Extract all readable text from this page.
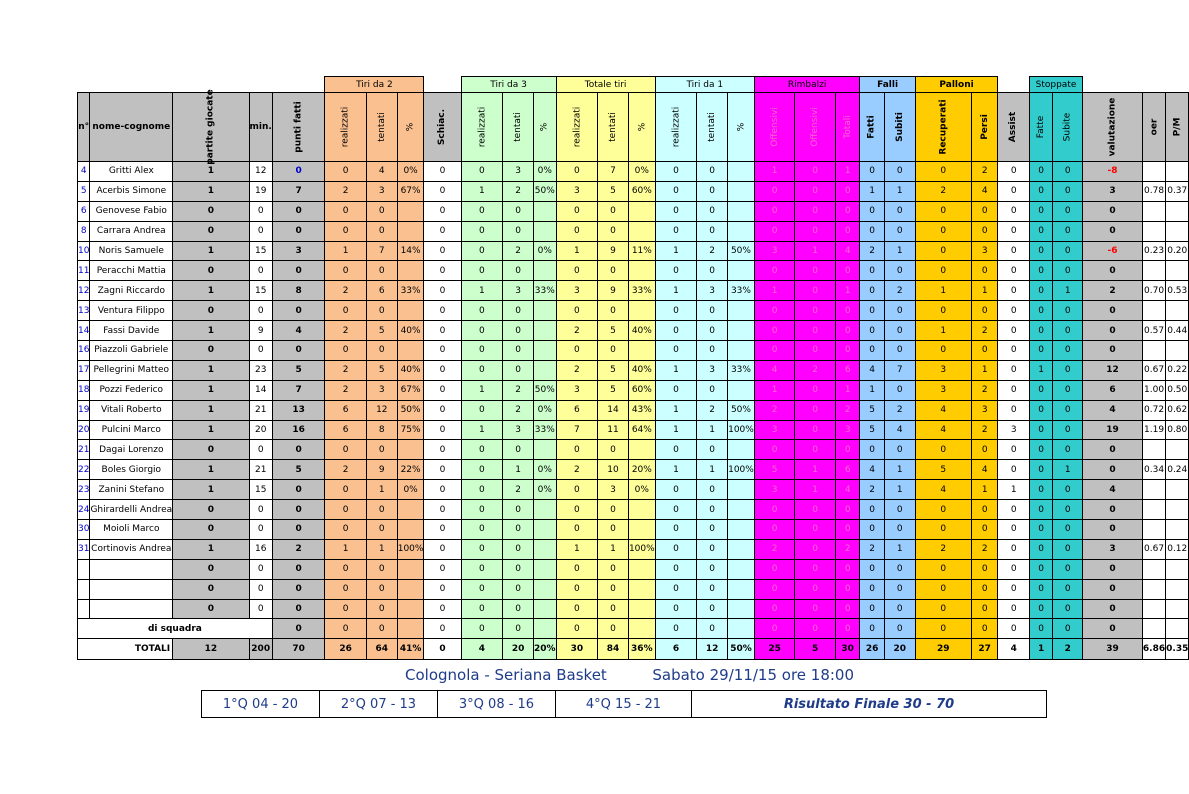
					Tiri da 2				Tiri da 3			Totale tiri			Tiri da 1			Rimbalzi			Falli		Palloni			Stoppate				
n°	nome-cognome	partite giocate	min.	punti fatti	realizzati	tentati	%	Schiac.	realizzati	tentati	%	realizzati	tentati	%	realizzati	tentati	%	Offensivi	Offensivi	Totali	Fatti	Subiti	Recuperati	Persi	Assist	Fatte	Subite	valutazione	oer	P/M
4	Gritti Alex	1	12	0	0	4	0%	0	0	3	0%	0	7	0%	0	0		1	0	1	0	0	0	2	0	0	0	-8		
5	Acerbis Simone	1	19	7	2	3	67%	0	1	2	50%	3	5	60%	0	0		0	0	0	1	1	2	4	0	0	0	3	0.78	0.37
6	Genovese Fabio	0	0	0	0	0		0	0	0		0	0		0	0		0	0	0	0	0	0	0	0	0	0	0		
8	Carrara Andrea	0	0	0	0	0		0	0	0		0	0		0	0		0	0	0	0	0	0	0	0	0	0	0		
10	Noris Samuele	1	15	3	1	7	14%	0	0	2	0%	1	9	11%	1	2	50%	3	1	4	2	1	0	3	0	0	0	-6	0.23	0.20
11	Peracchi Mattia	0	0	0	0	0		0	0	0		0	0		0	0		0	0	0	0	0	0	0	0	0	0	0		
12	Zagni Riccardo	1	15	8	2	6	33%	0	1	3	33%	3	9	33%	1	3	33%	1	0	1	0	2	1	1	0	0	1	2	0.70	0.53
13	Ventura Filippo	0	0	0	0	0		0	0	0		0	0		0	0		0	0	0	0	0	0	0	0	0	0	0		
14	Fassi Davide	1	9	4	2	5	40%	0	0	0		2	5	40%	0	0		0	0	0	0	0	1	2	0	0	0	0	0.57	0.44
16	Piazzoli Gabriele	0	0	0	0	0		0	0	0		0	0		0	0		0	0	0	0	0	0	0	0	0	0	0		
17	Pellegrini Matteo	1	23	5	2	5	40%	0	0	0		2	5	40%	1	3	33%	4	2	6	4	7	3	1	0	1	0	12	0.67	0.22
18	Pozzi Federico	1	14	7	2	3	67%	0	1	2	50%	3	5	60%	0	0		1	0	1	1	0	3	2	0	0	0	6	1.00	0.50
19	Vitali Roberto	1	21	13	6	12	50%	0	0	2	0%	6	14	43%	1	2	50%	2	0	2	5	2	4	3	0	0	0	4	0.72	0.62
20	Pulcini Marco	1	20	16	6	8	75%	0	1	3	33%	7	11	64%	1	1	100%	3	0	3	5	4	4	2	3	0	0	19	1.19	0.80
21	Dagai Lorenzo	0	0	0	0	0		0	0	0		0	0		0	0		0	0	0	0	0	0	0	0	0	0	0		
22	Boles Giorgio	1	21	5	2	9	22%	0	0	1	0%	2	10	20%	1	1	100%	5	1	6	4	1	5	4	0	0	1	0	0.34	0.24
23	Zanini Stefano	1	15	0	0	1	0%	0	0	2	0%	0	3	0%	0	0		3	1	4	2	1	4	1	1	0	0	4		
24	Ghirardelli Andrea	0	0	0	0	0		0	0	0		0	0		0	0		0	0	0	0	0	0	0	0	0	0	0		
30	Moioli Marco	0	0	0	0	0		0	0	0		0	0		0	0		0	0	0	0	0	0	0	0	0	0	0		
31	Cortinovis Andrea	1	16	2	1	1	100%	0	0	0		1	1	100%	0	0		2	0	2	2	1	2	2	0	0	0	3	0.67	0.12
		0	0	0	0	0		0	0	0		0	0		0	0		0	0	0	0	0	0	0	0	0	0	0		
		0	0	0	0	0		0	0	0		0	0		0	0		0	0	0	0	0	0	0	0	0	0	0		
		0	0	0	0	0		0	0	0		0	0		0	0		0	0	0	0	0	0	0	0	0	0	0		
di squadra				0	0	0		0	0	0		0	0		0	0		0	0	0	0	0	0	0	0	0	0	0		
TOTALI		12	200	70	26	64	41%	0	4	20	20%	30	84	36%	6	12	50%	25	5	30	26	20	29	27	4	1	2	39	6.86	0.35
Colognola - Seriana Basket	Sabato 29/11/15 ore 18:00
1°Q 04 - 20	2°Q 07 - 13	3°Q 08 - 16	4°Q 15 - 21	Risultato Finale 30 - 70
